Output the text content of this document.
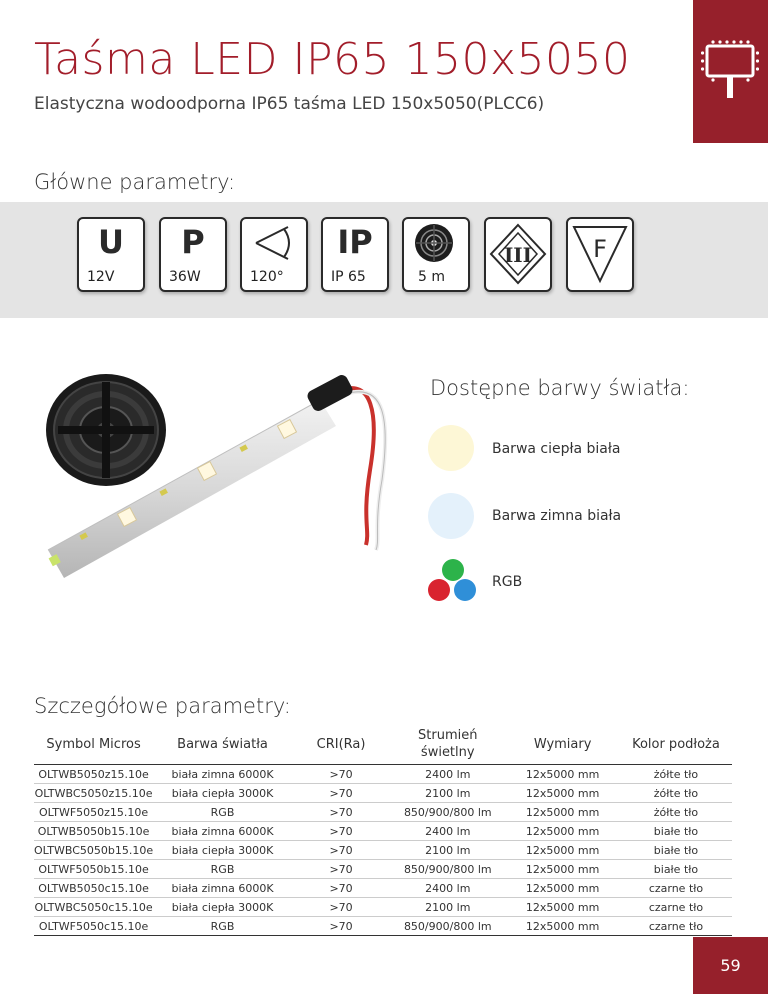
Taśma LED IP65 150x5050
Elastyczna wodoodporna IP65 taśma LED 150x5050(PLCC6)
Główne parametry:
U
12V
P
36W	120°
IP
IP 65	5 m
III	F
Dostępne barwy światła:
Barwa ciepła biała
Barwa zimna biała
RGB
Szczegółowe parametry:
Symbol Micros	Barwa światła	CRI(Ra)	Strumień świetlny	Wymiary	Kolor podłoża
OLTWB5050z15.10e	biała zimna 6000K	>70	2400 lm	12x5000 mm	żółte tło
OLTWBC5050z15.10e	biała ciepła 3000K	>70	2100 lm	12x5000 mm	żółte tło
OLTWF5050z15.10e	RGB	>70	850/900/800 lm	12x5000 mm	żółte tło
OLTWB5050b15.10e	biała zimna 6000K	>70	2400 lm	12x5000 mm	białe tło
OLTWBC5050b15.10e	biała ciepła 3000K	>70	2100 lm	12x5000 mm	białe tło
OLTWF5050b15.10e	RGB	>70	850/900/800 lm	12x5000 mm	białe tło
OLTWB5050c15.10e	biała zimna 6000K	>70	2400 lm	12x5000 mm	czarne tło
OLTWBC5050c15.10e	biała ciepła 3000K	>70	2100 lm	12x5000 mm	czarne tło
OLTWF5050c15.10e	RGB	>70	850/900/800 lm	12x5000 mm	czarne tło
59
